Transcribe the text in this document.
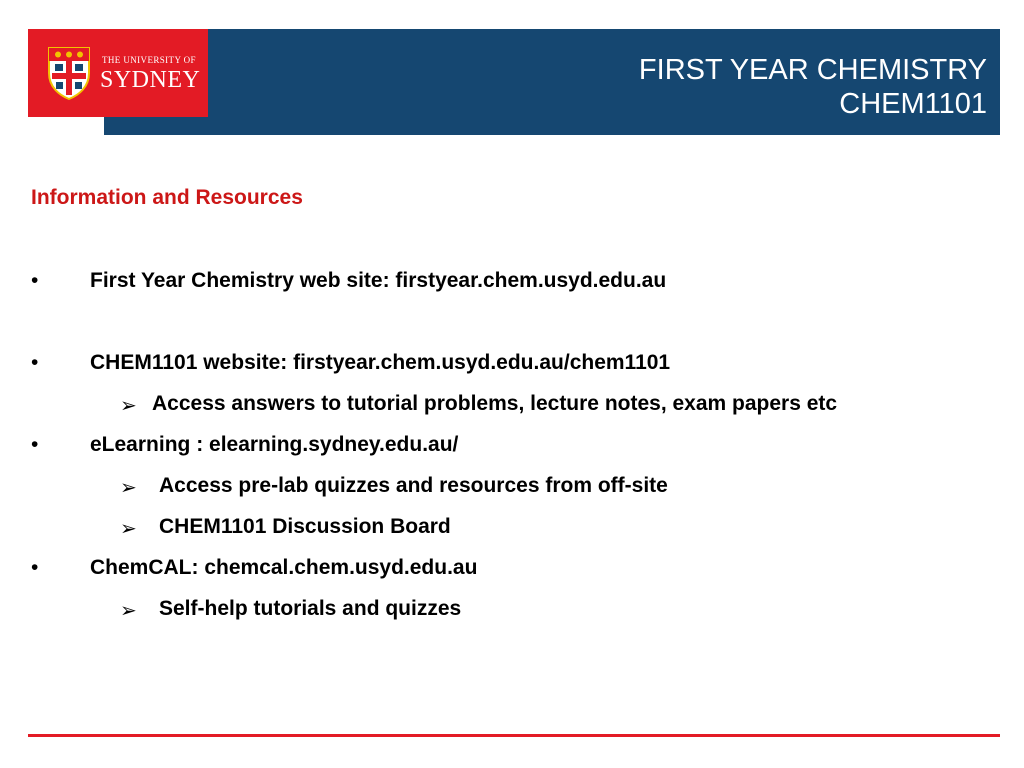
THE UNIVERSITY OF
SYDNEY	FIRST YEAR CHEMISTRY
CHEM1101
Information and Resources
• First Year Chemistry web site: firstyear.chem.usyd.edu.au
• CHEM1101 website: firstyear.chem.usyd.edu.au/chem1101
➢ Access answers to tutorial problems, lecture notes, exam papers etc
• eLearning : elearning.sydney.edu.au/
➢ Access pre-lab quizzes and resources from off-site
➢ CHEM1101 Discussion Board
• ChemCAL: chemcal.chem.usyd.edu.au
➢ Self-help tutorials and quizzes
